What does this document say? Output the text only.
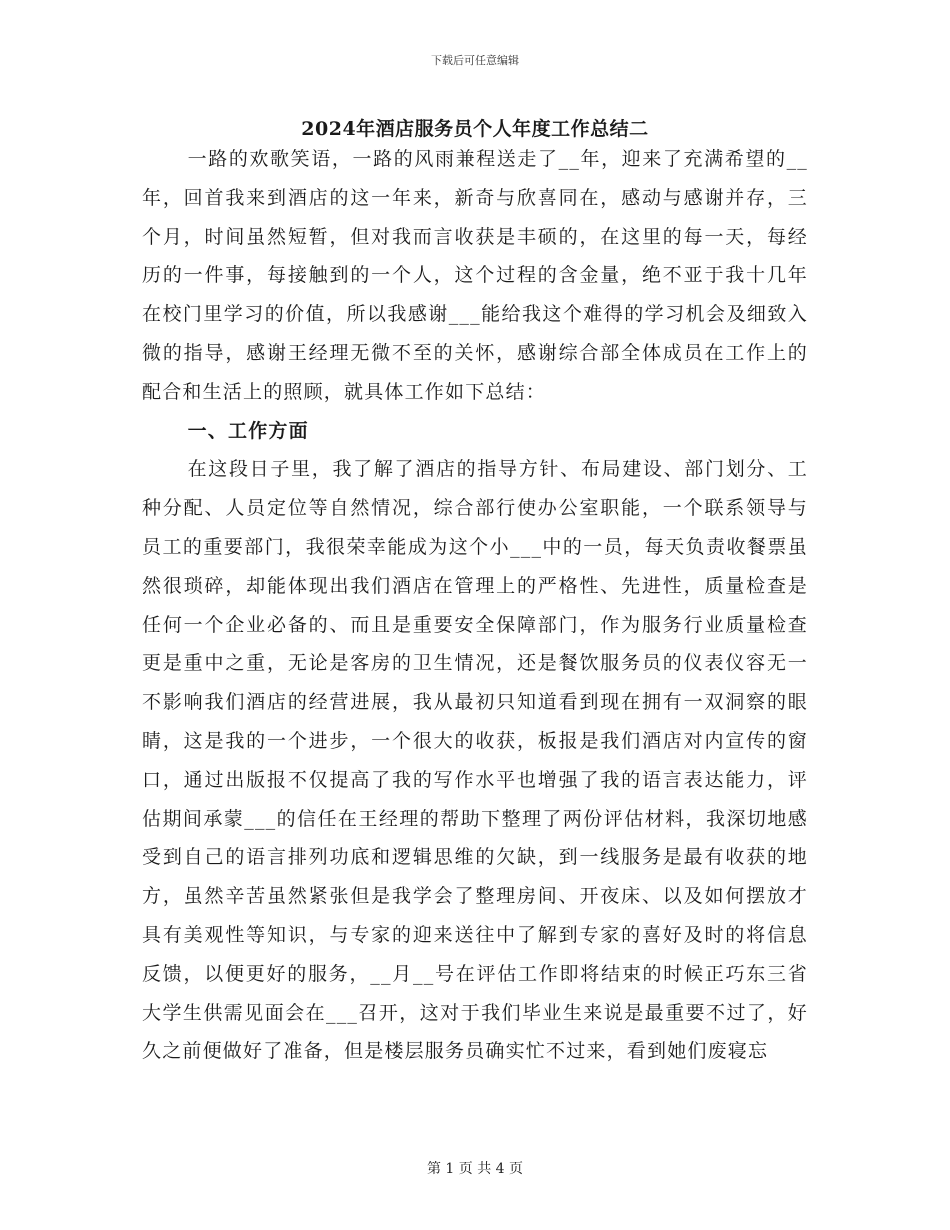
下载后可任意编辑
2024年酒店服务员个人年度工作总结二

一路的欢歌笑语，一路的风雨兼程送走了__年，迎来了充满希望的__年，回首我来到酒店的这一年来，新奇与欣喜同在，感动与感谢并存，三个月，时间虽然短暂，但对我而言收获是丰硕的，在这里的每一天，每经历的一件事，每接触到的一个人，这个过程的含金量，绝不亚于我十几年在校门里学习的价值，所以我感谢___能给我这个难得的学习机会及细致入微的指导，感谢王经理无微不至的关怀，感谢综合部全体成员在工作上的配合和生活上的照顾，就具体工作如下总结：

一、工作方面

在这段日子里，我了解了酒店的指导方针、布局建设、部门划分、工种分配、人员定位等自然情况，综合部行使办公室职能，一个联系领导与员工的重要部门，我很荣幸能成为这个小___中的一员，每天负责收餐票虽然很琐碎，却能体现出我们酒店在管理上的严格性、先进性，质量检查是任何一个企业必备的、而且是重要安全保障部门，作为服务行业质量检查更是重中之重，无论是客房的卫生情况，还是餐饮服务员的仪表仪容无一不影响我们酒店的经营进展，我从最初只知道看到现在拥有一双洞察的眼睛，这是我的一个进步，一个很大的收获，板报是我们酒店对内宣传的窗口，通过出版报不仅提高了我的写作水平也增强了我的语言表达能力，评估期间承蒙___的信任在王经理的帮助下整理了两份评估材料，我深切地感受到自己的语言排列功底和逻辑思维的欠缺，到一线服务是最有收获的地方，虽然辛苦虽然紧张但是我学会了整理房间、开夜床、以及如何摆放才具有美观性等知识，与专家的迎来送往中了解到专家的喜好及时的将信息反馈，以便更好的服务，__月__号在评估工作即将结束的时候正巧东三省大学生供需见面会在___召开，这对于我们毕业生来说是最重要不过了，好久之前便做好了准备，但是楼层服务员确实忙不过来，看到她们废寝忘

第 1 页 共 4 页
